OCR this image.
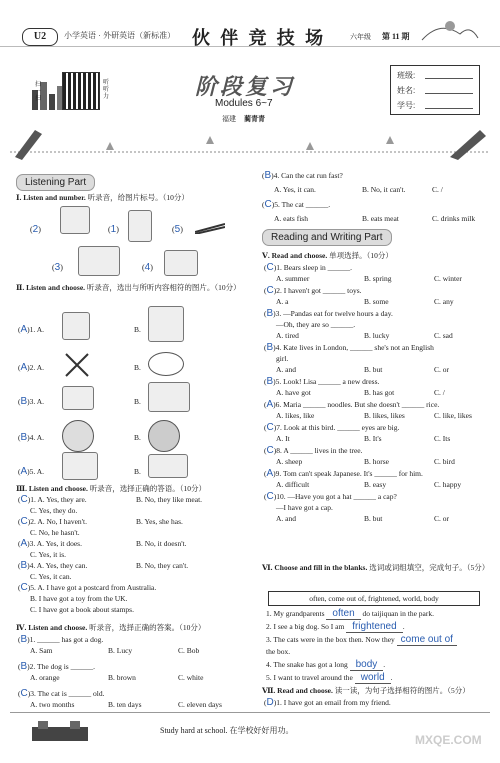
U2	小学英语 · 外研英语（新标准） 伙 伴 竞 技 场	六年级 第 11 期
扫一扫
听听力	阶段复习
Modules 6~7
福建 蔺青青
班级:
姓名:
学号:
Listening Part
Ⅰ. Listen and number. 听录音，给图片标号。（10分）
(2)	(1)	(5)
(3)	(4)
Ⅱ. Listen and choose. 听录音，选出与所听内容相符的图片。（10分）
(A)1. A.	B.
(A)2. A.	B.
(B)3. A.	B.
(B)4. A.	B.
(A)5. A.	B.
Ⅲ. Listen and choose. 听录音，选择正确的答语。（10分）
(C)1. A. Yes, they are.	B. No, they like meat.
C. Yes, they do.
(C)2. A. No, I haven't.	B. Yes, she has.
C. No, he hasn't.
(A)3. A. Yes, it does.	B. No, it doesn't.
C. Yes, it is.
(B)4. A. Yes, they can.	B. No, they can't.
C. Yes, it can.
(C)5. A. I have got a postcard from Australia.
B. I have got a toy from the UK.
C. I have got a book about stamps.
Ⅳ. Listen and choose. 听录音，选择正确的答案。（10分）
(B)1. ______ has got a dog.
A. Sam	B. Lucy	C. Bob
(B)2. The dog is ______.
A. orange	B. brown	C. white
(C)3. The cat is ______ old.
A. two months	B. ten days	C. eleven days
(B)4. Can the cat run fast?
A. Yes, it can.	B. No, it can't.	C. /
(C)5. The cat ______.
A. eats fish	B. eats meat	C. drinks milk
Reading and Writing Part
Ⅴ. Read and choose. 单项选择。（10分）
(C)1. Bears sleep in ______.
A. summer	B. spring	C. winter
(C)2. I haven't got ______ toys.
A. a	B. some	C. any
(B)3. —Pandas eat for twelve hours a day.
—Oh, they are so ______.
A. tired	B. lucky	C. sad
(B)4. Kate lives in London, ______ she's not an English
girl.
A. and	B. but	C. or
(B)5. Look! Lisa ______ a new dress.
A. have got	B. has got	C. /
(A)6. Maria ______ noodles. But she doesn't ______ rice.
A. likes, like	B. likes, likes	C. like, likes
(C)7. Look at this bird. ______ eyes are big.
A. It	B. It's	C. Its
(C)8. A ______ lives in the tree.
A. sheep	B. horse	C. bird
(A)9. Tom can't speak Japanese. It's ______ for him.
A. difficult	B. easy	C. happy
(C)10. —Have you got a hat ______ a cap?
—I have got a cap.
A. and	B. but	C. or
Ⅵ. Choose and fill in the blanks. 选词或词组填空，完成句子。（5分）
often, come out of, frightened, world, body
1. My grandparents often do taijiquan in the park.
2. I see a big dog. So I am frightened .
3. The cats were in the box then. Now they come out of
the box.
4. The snake has got a long body .
5. I want to travel around the world .
Ⅶ. Read and choose. 读一读，为句子选择相符的图片。（5分）
(D)1. I have got an email from my friend.
Study hard at school. 在学校好好用功。
MXQE.COM
